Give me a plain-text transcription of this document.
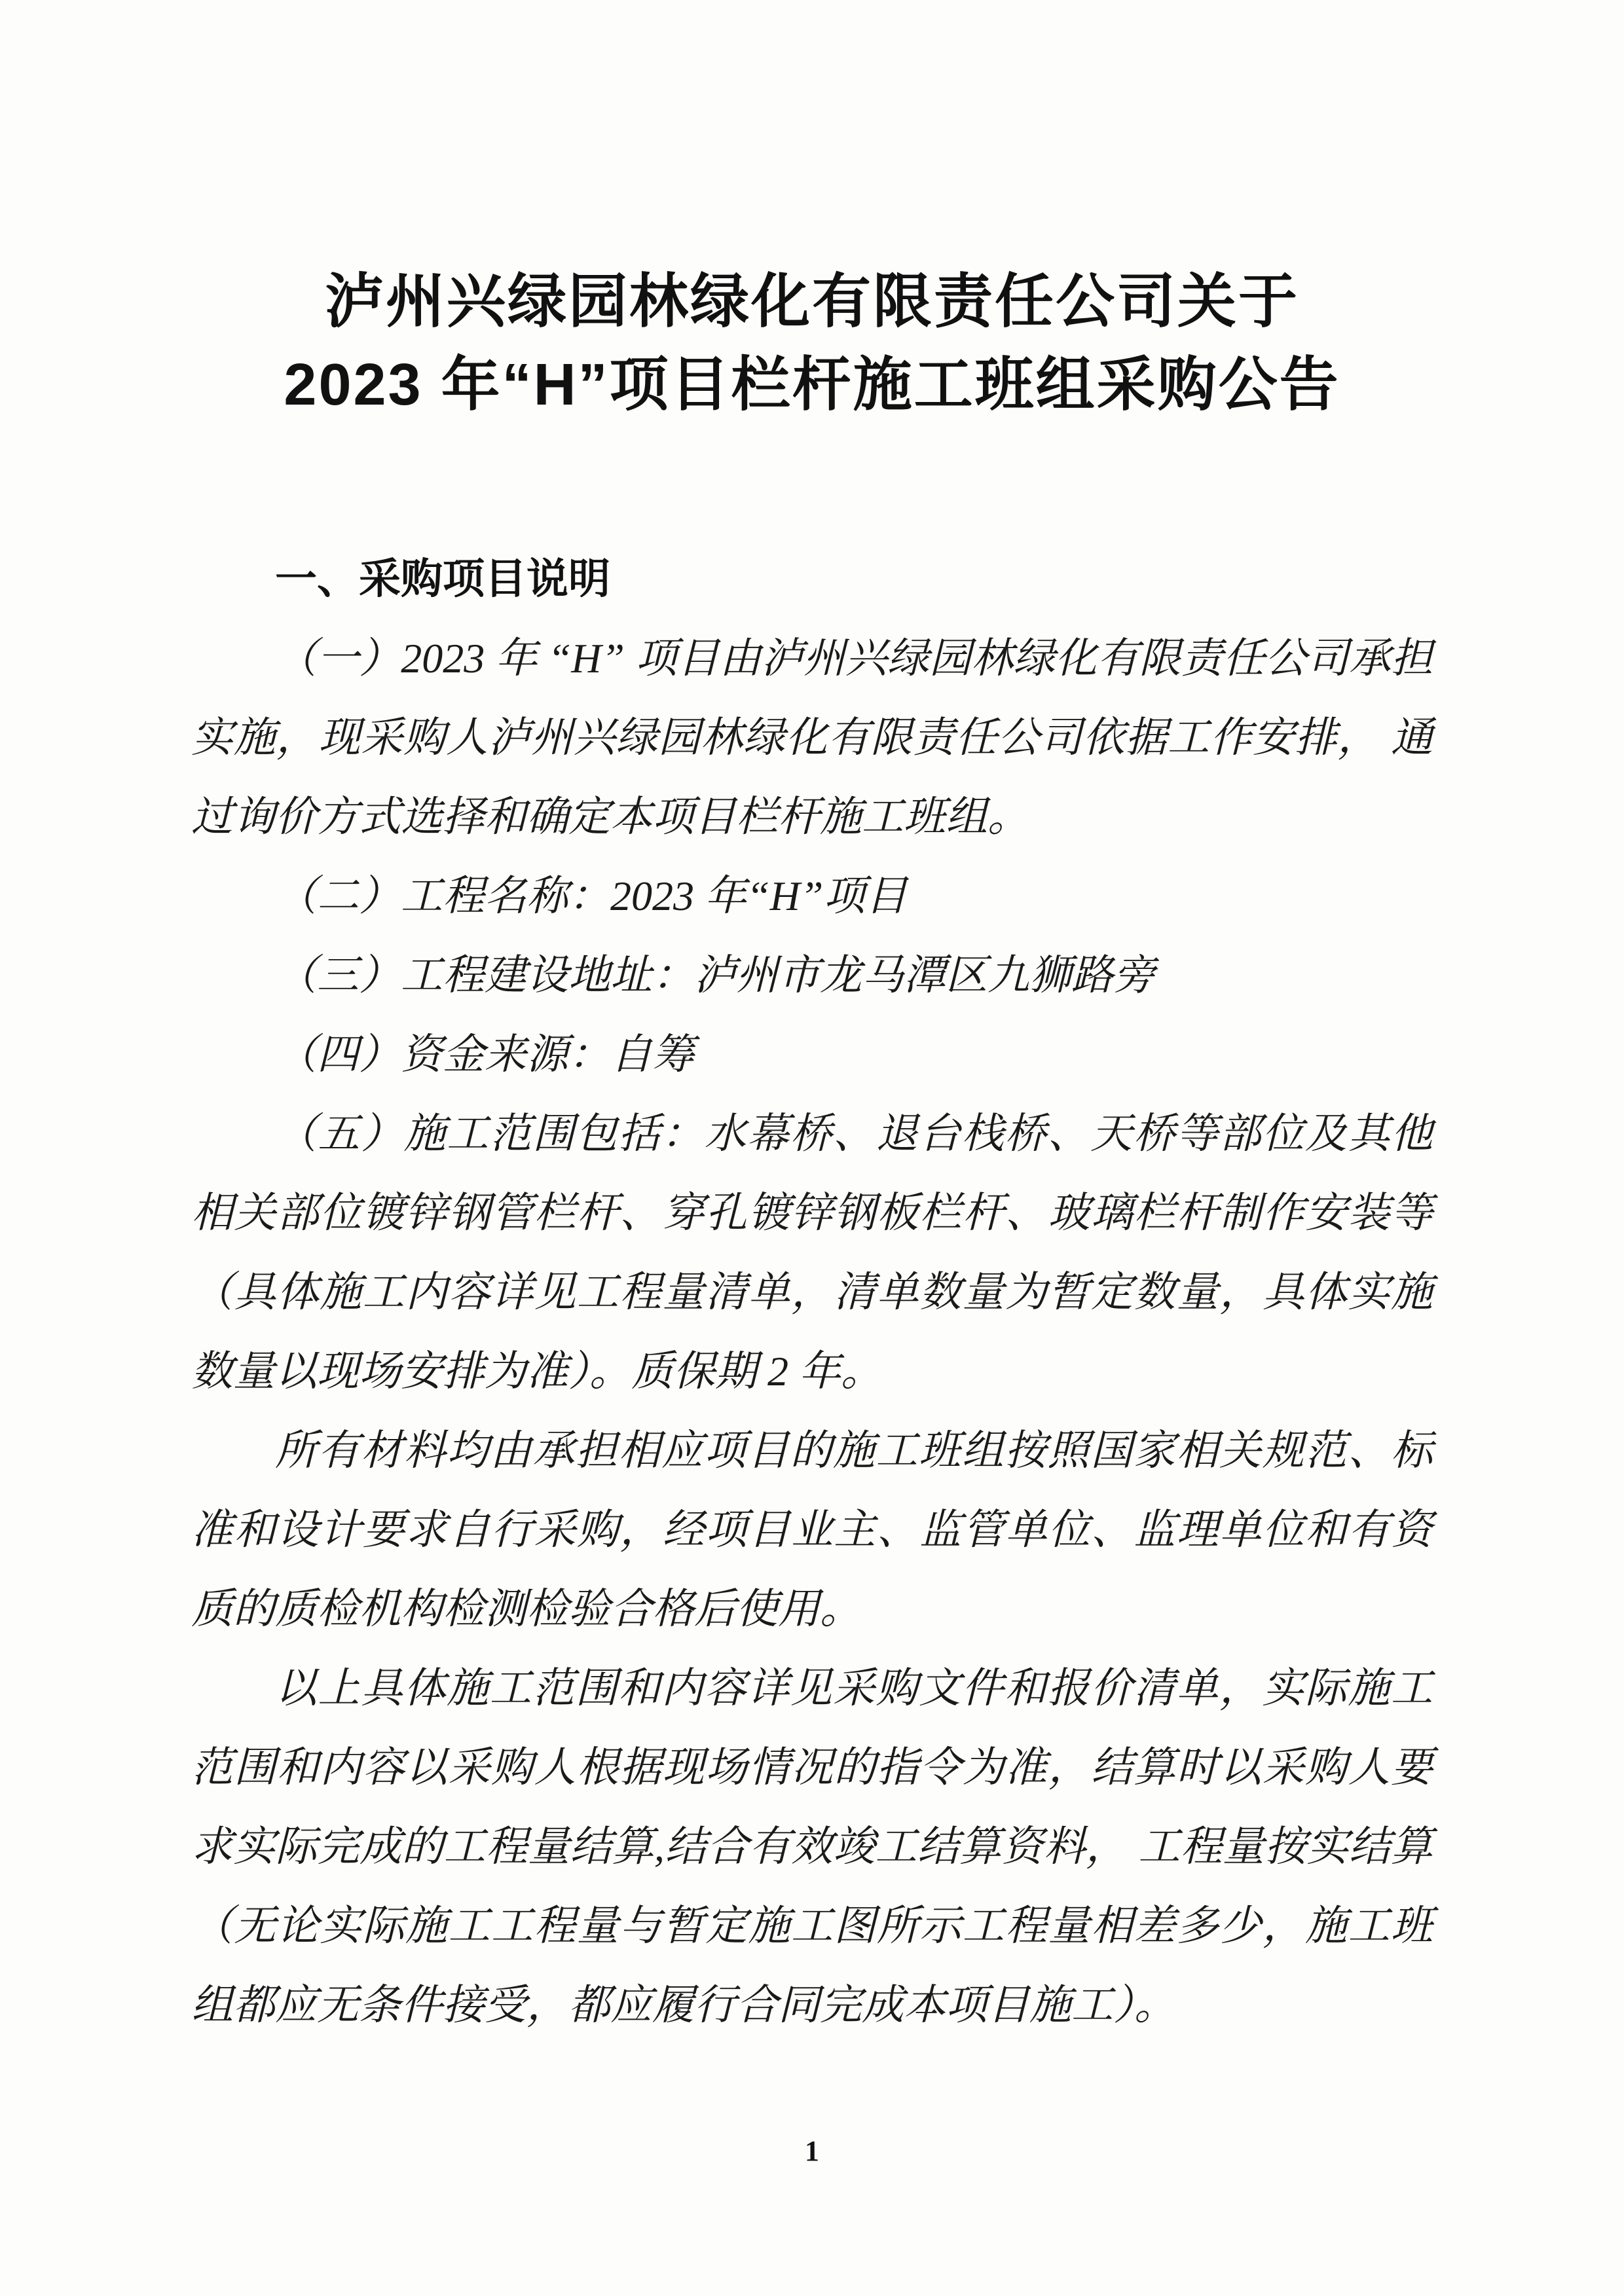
泸州兴绿园林绿化有限责任公司关于
2023 年“H”项目栏杆施工班组采购公告
一、采购项目说明

（一）2023 年 “H” 项目由泸州兴绿园林绿化有限责任公司承担实施，现采购人泸州兴绿园林绿化有限责任公司依据工作安排， 通过询价方式选择和确定本项目栏杆施工班组。

（二）工程名称：2023 年“H”项目

（三）工程建设地址：泸州市龙马潭区九狮路旁

（四）资金来源：自筹

（五）施工范围包括：水幕桥、退台栈桥、天桥等部位及其他相关部位镀锌钢管栏杆、穿孔镀锌钢板栏杆、玻璃栏杆制作安装等（具体施工内容详见工程量清单，清单数量为暂定数量，具体实施数量以现场安排为准）。质保期 2 年。

所有材料均由承担相应项目的施工班组按照国家相关规范、标准和设计要求自行采购，经项目业主、监管单位、监理单位和有资质的质检机构检测检验合格后使用。

以上具体施工范围和内容详见采购文件和报价清单，实际施工范围和内容以采购人根据现场情况的指令为准，结算时以采购人要求实际完成的工程量结算,结合有效竣工结算资料， 工程量按实结算（无论实际施工工程量与暂定施工图所示工程量相差多少，施工班组都应无条件接受，都应履行合同完成本项目施工）。

1
